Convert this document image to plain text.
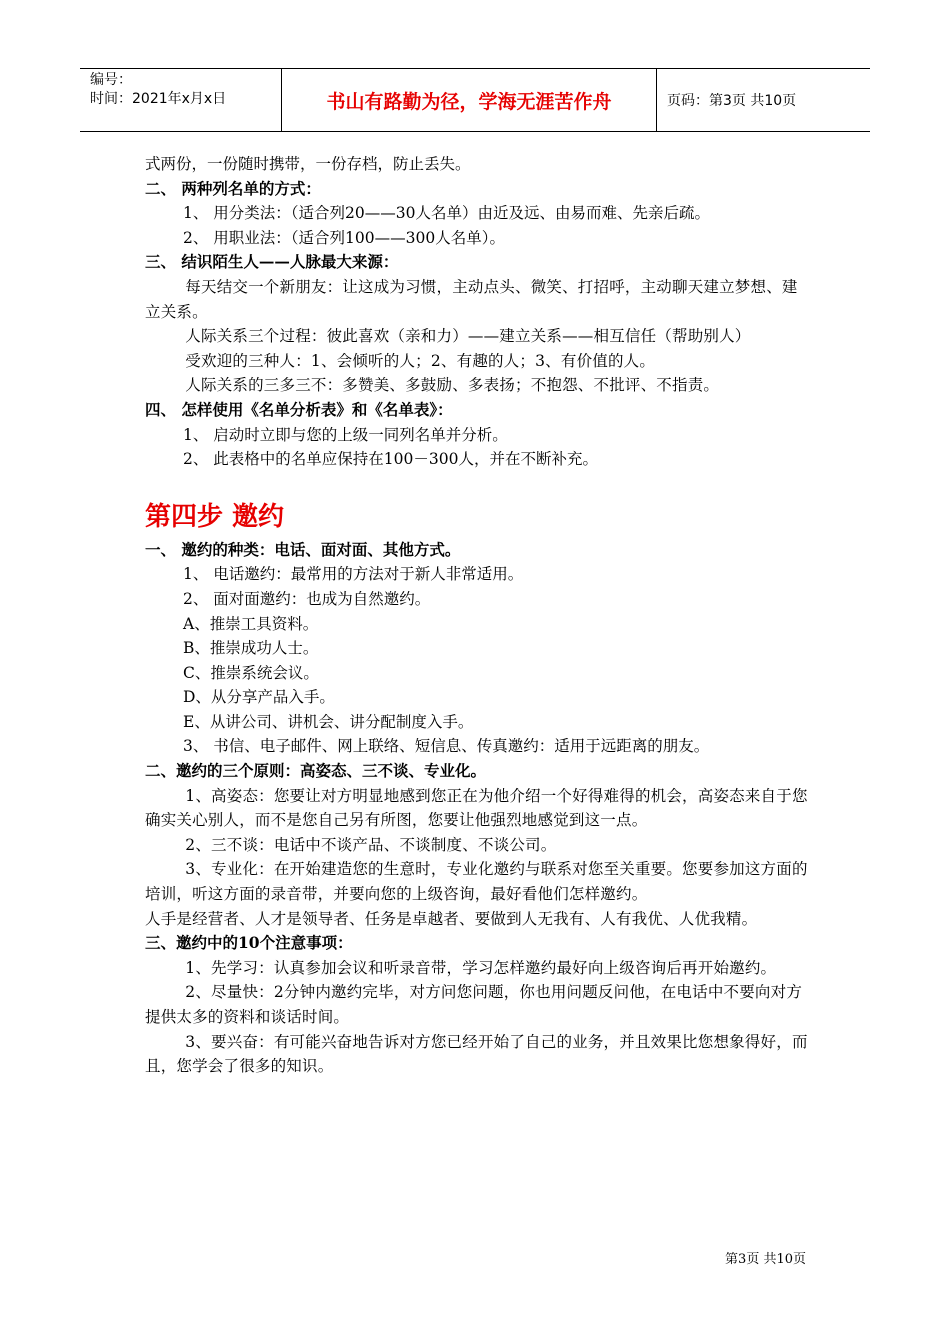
编号：
时间：2021年x月x日	书山有路勤为径，学海无涯苦作舟	页码：第3页 共10页

式两份，一份随时携带，一份存档，防止丢失。

二、 两种列名单的方式：

1、 用分类法：（适合列20——30人名单）由近及远、由易而难、先亲后疏。

2、 用职业法：（适合列100——300人名单）。

三、 结识陌生人——人脉最大来源：

每天结交一个新朋友：让这成为习惯，主动点头、微笑、打招呼，主动聊天建立梦想、建立关系。

人际关系三个过程：彼此喜欢（亲和力）——建立关系——相互信任（帮助别人）

受欢迎的三种人：1、会倾听的人；2、有趣的人；3、有价值的人。

人际关系的三多三不：多赞美、多鼓励、多表扬；不抱怨、不批评、不指责。

四、 怎样使用《名单分析表》和《名单表》：

1、 启动时立即与您的上级一同列名单并分析。

2、 此表格中的名单应保持在100－300人，并在不断补充。

第四步 邀约

一、 邀约的种类：电话、面对面、其他方式。

1、 电话邀约：最常用的方法对于新人非常适用。

2、 面对面邀约：也成为自然邀约。

A、推崇工具资料。

B、推崇成功人士。

C、推崇系统会议。

D、从分享产品入手。

E、从讲公司、讲机会、讲分配制度入手。

3、 书信、电子邮件、网上联络、短信息、传真邀约：适用于远距离的朋友。

二、邀约的三个原则：高姿态、三不谈、专业化。

1、高姿态：您要让对方明显地感到您正在为他介绍一个好得难得的机会，高姿态来自于您确实关心别人，而不是您自己另有所图，您要让他强烈地感觉到这一点。

2、三不谈：电话中不谈产品、不谈制度、不谈公司。

3、专业化：在开始建造您的生意时，专业化邀约与联系对您至关重要。您要参加这方面的培训，听这方面的录音带，并要向您的上级咨询，最好看他们怎样邀约。

人手是经营者、人才是领导者、任务是卓越者、要做到人无我有、人有我优、人优我精。

三、邀约中的10个注意事项：

1、先学习：认真参加会议和听录音带，学习怎样邀约最好向上级咨询后再开始邀约。

2、尽量快：2分钟内邀约完毕，对方问您问题，你也用问题反问他，在电话中不要向对方提供太多的资料和谈话时间。

3、要兴奋：有可能兴奋地告诉对方您已经开始了自己的业务，并且效果比您想象得好，而且，您学会了很多的知识。

第3页 共10页
